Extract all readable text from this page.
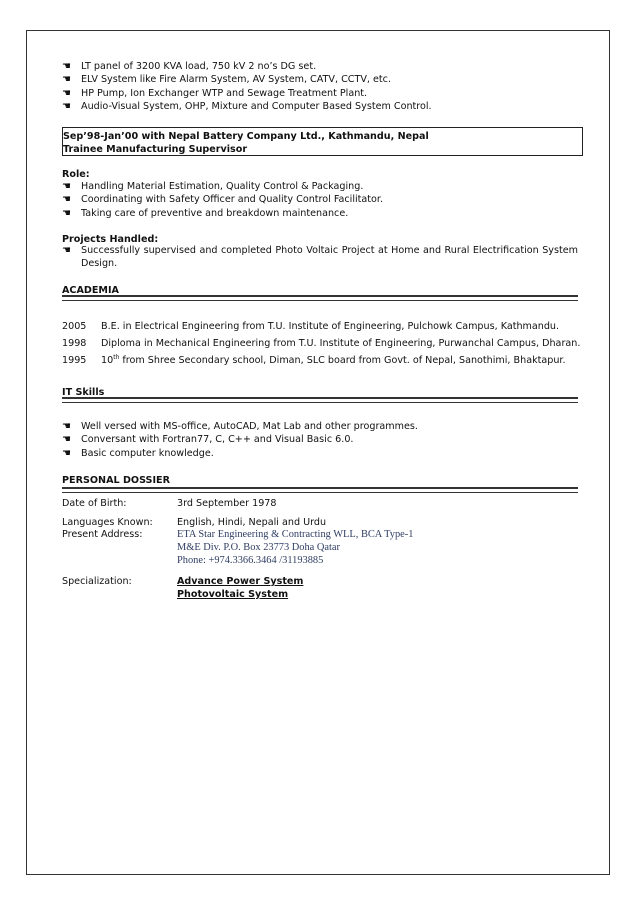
☚ LT panel of 3200 KVA load, 750 kV 2 no’s DG set.
☚ ELV System like Fire Alarm System, AV System, CATV, CCTV, etc.
☚ HP Pump, Ion Exchanger WTP and Sewage Treatment Plant.
☚ Audio-Visual System, OHP, Mixture and Computer Based System Control.
Sep’98-Jan’00 with Nepal Battery Company Ltd., Kathmandu, Nepal
Trainee Manufacturing Supervisor
Role:
☚ Handling Material Estimation, Quality Control & Packaging.
☚ Coordinating with Safety Officer and Quality Control Facilitator.
☚ Taking care of preventive and breakdown maintenance.
Projects Handled:
☚ Successfully supervised and completed Photo Voltaic Project at Home and Rural Electrification System Design.
ACADEMIA
2005 B.E. in Electrical Engineering from T.U. Institute of Engineering, Pulchowk Campus, Kathmandu.
1998 Diploma in Mechanical Engineering from T.U. Institute of Engineering, Purwanchal Campus, Dharan.
1995 10th from Shree Secondary school, Diman, SLC board from Govt. of Nepal, Sanothimi, Bhaktapur.
IT Skills
☚ Well versed with MS-office, AutoCAD, Mat Lab and other programmes.
☚ Conversant with Fortran77, C, C++ and Visual Basic 6.0.
☚ Basic computer knowledge.
PERSONAL DOSSIER
Date of Birth:	3rd September 1978
Languages Known:	English, Hindi, Nepali and Urdu
Present Address:	ETA Star Engineering & Contracting WLL, BCA Type-1
M&E Div. P.O. Box 23773 Doha Qatar
Phone: +974.3366.3464 /31193885
Specialization:	Advance Power System
Photovoltaic System
